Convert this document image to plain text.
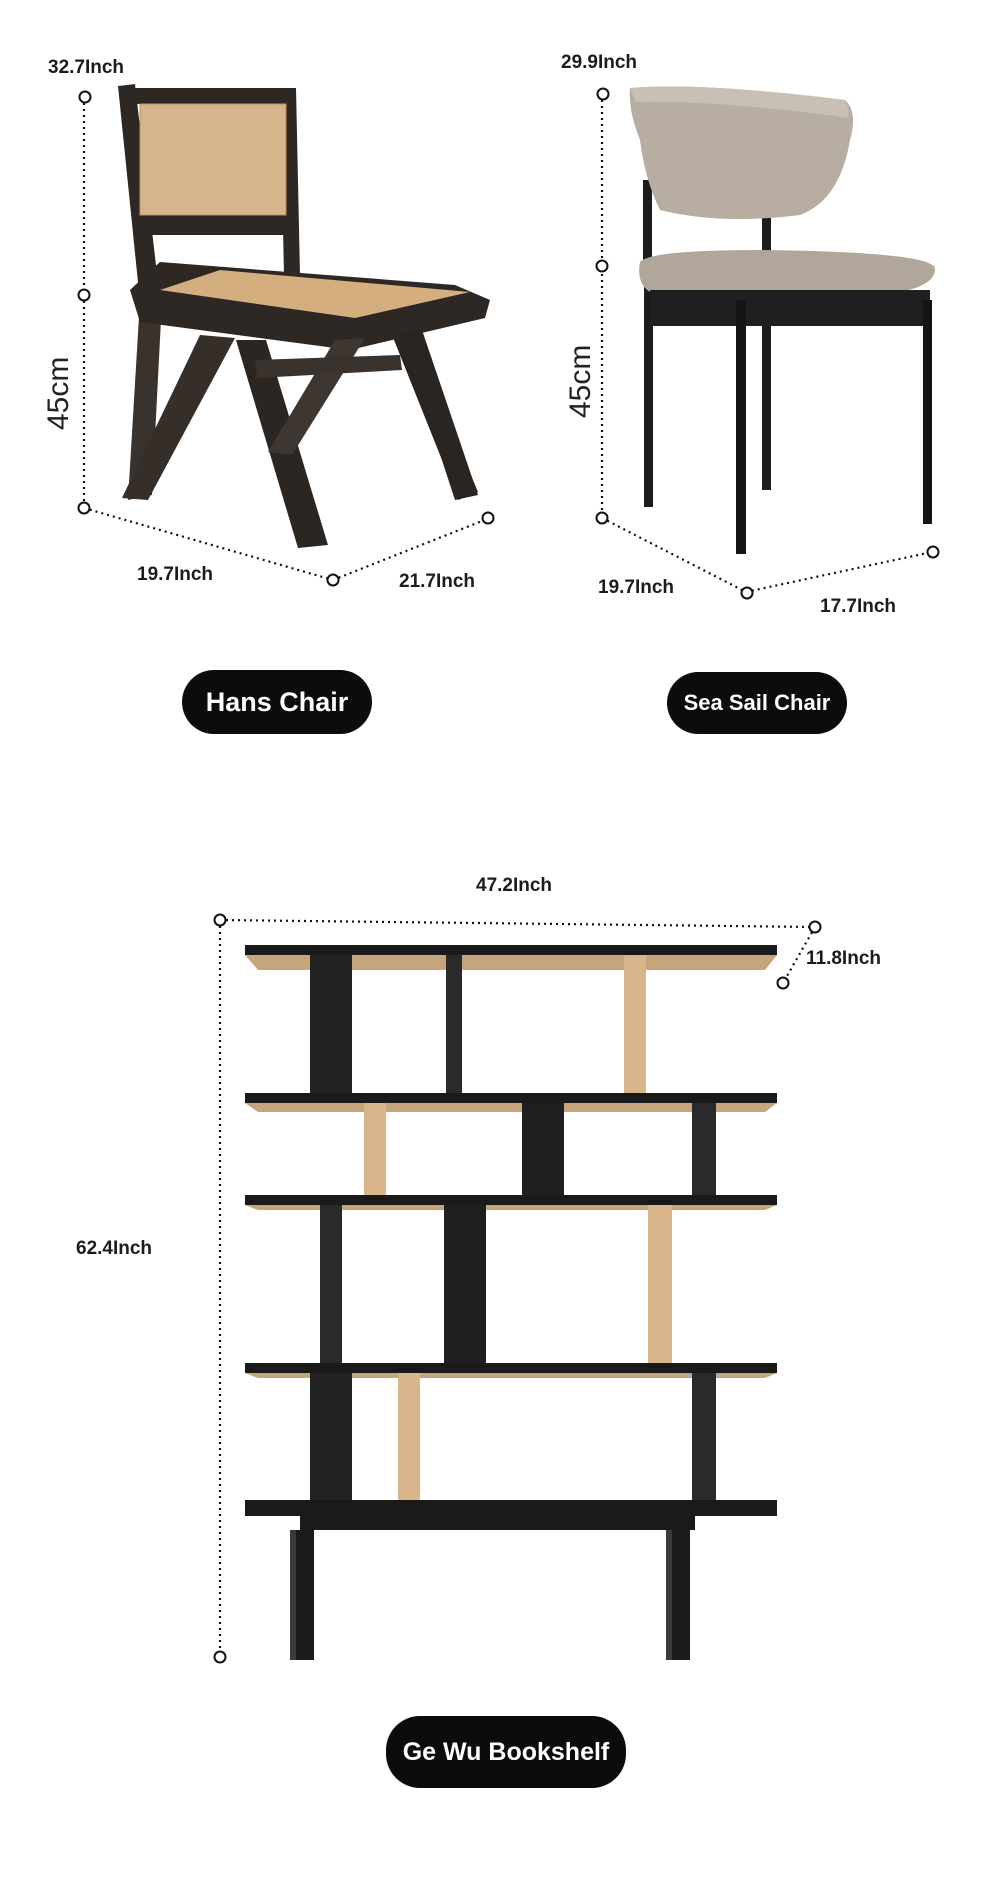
32.7Inch
45cm
19.7Inch	21.7Inch
Hans Chair
29.9Inch
45cm
19.7Inch
17.7Inch
Sea Sail Chair
47.2Inch
11.8Inch
62.4Inch
Ge Wu Bookshelf
